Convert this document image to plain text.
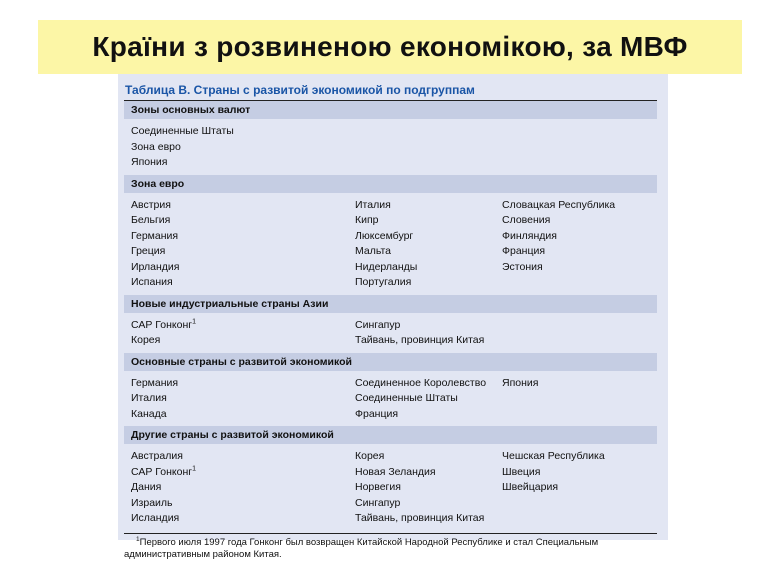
Країни з розвиненою економікою, за МВФ
Таблица B. Страны с развитой экономикой по подгруппам
Зоны основных валют
Соединенные Штаты
Зона евро
Япония
Зона евро
Австрия
Бельгия
Германия
Греция
Ирландия
Испания
Италия
Кипр
Люксембург
Мальта
Нидерланды
Португалия
Словацкая Республика
Словения
Финляндия
Франция
Эстония
Новые индустриальные страны Азии
САР Гонконг$^1$
Корея
Сингапур
Тайвань, провинция Китая
Основные страны с развитой экономикой
Германия
Италия
Канада
Соединенное Королевство
Соединенные Штаты
Франция
Япония
Другие страны с развитой экономикой
Австралия
САР Гонконг$^1$
Дания
Израиль
Исландия
Корея
Новая Зеландия
Норвегия
Сингапур
Тайвань, провинция Китая
Чешская Республика
Швеция
Швейцария
$^1$Первого июля 1997 года Гонконг был возвращен Китайской Народной Республике и стал Специальным
административным районом Китая.
